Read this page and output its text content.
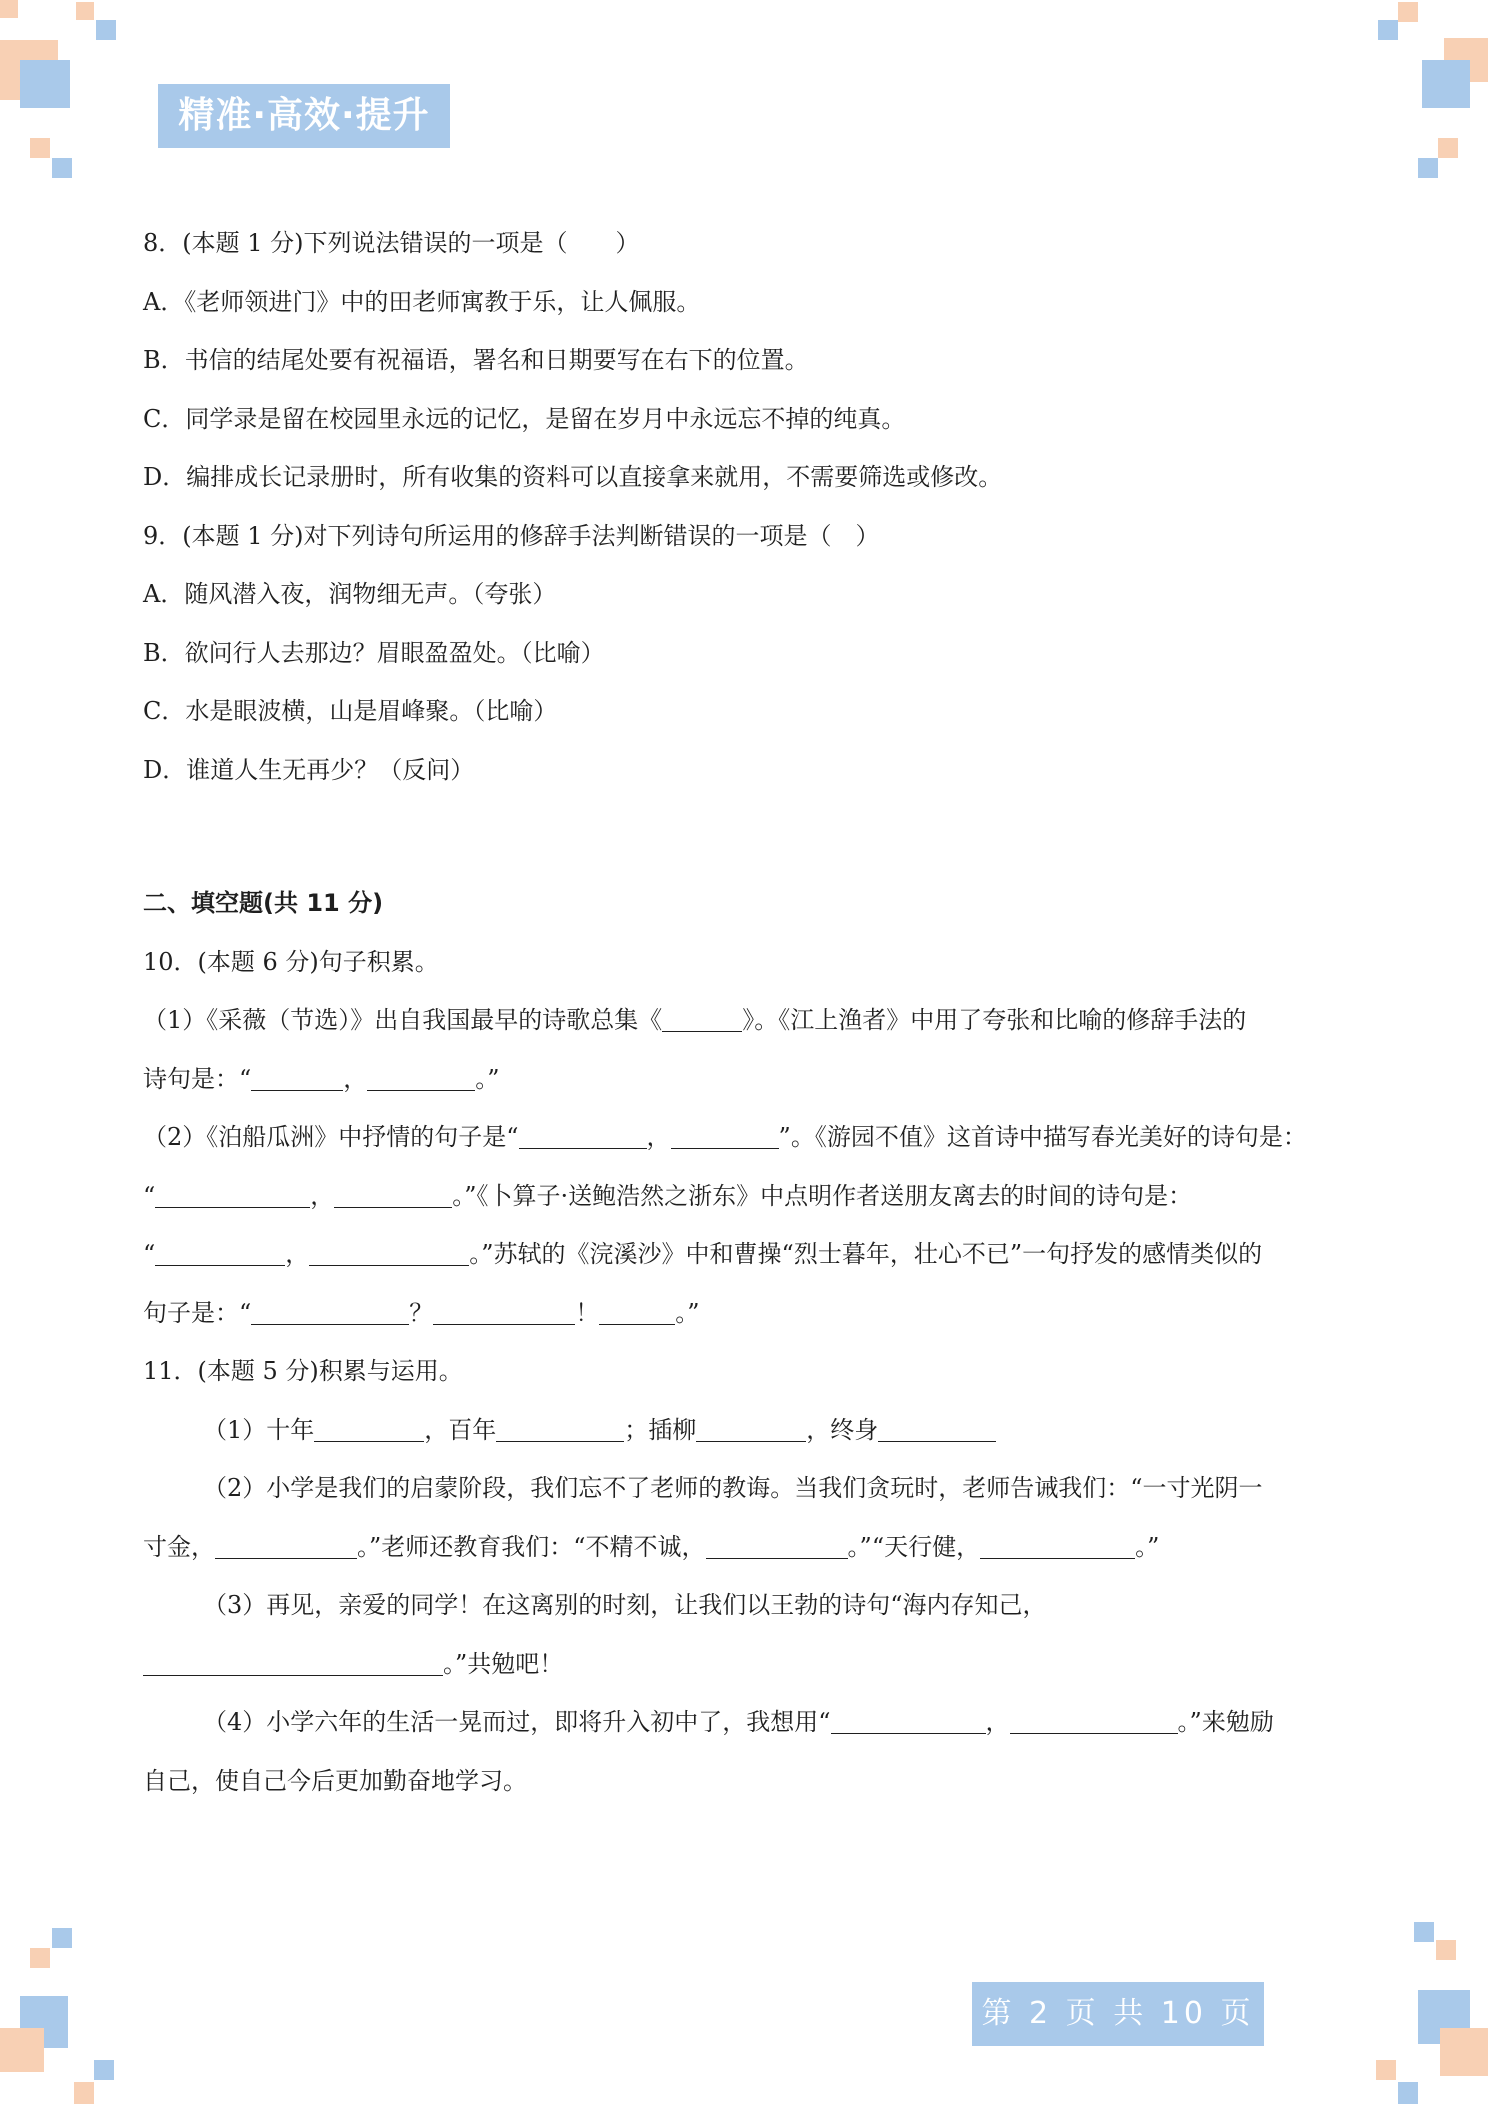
精准·高效·提升
8．(本题 1 分)下列说法错误的一项是（　　）
A．《老师领进门》中的田老师寓教于乐，让人佩服。
B．书信的结尾处要有祝福语，署名和日期要写在右下的位置。
C．同学录是留在校园里永远的记忆，是留在岁月中永远忘不掉的纯真。
D．编排成长记录册时，所有收集的资料可以直接拿来就用，不需要筛选或修改。
9．(本题 1 分)对下列诗句所运用的修辞手法判断错误的一项是（　）
A．随风潜入夜，润物细无声。（夸张）
B．欲问行人去那边？眉眼盈盈处。（比喻）
C．水是眼波横，山是眉峰聚。（比喻）
D．谁道人生无再少？（反问）
二、填空题(共 11 分)
10．(本题 6 分)句子积累。
（1）《采薇（节选）》出自我国最早的诗歌总集《	》。《江上渔者》中用了夸张和比喻的修辞手法的
诗句是：“	，	。”
（2）《泊船瓜洲》中抒情的句子是“	，	”。《游园不值》这首诗中描写春光美好的诗句是：
“	，	。”《卜算子·送鲍浩然之浙东》中点明作者送朋友离去的时间的诗句是：
“	，	。”苏轼的《浣溪沙》中和曹操“烈士暮年，壮心不已”一句抒发的感情类似的
句子是：“	？	！	。”
11．(本题 5 分)积累与运用。
（1）十年	，百年	；插柳	，终身
（2）小学是我们的启蒙阶段，我们忘不了老师的教诲。当我们贪玩时，老师告诫我们：“一寸光阴一
寸金，	。”老师还教育我们：“不精不诚，	。”“天行健，	。”
（3）再见，亲爱的同学！在这离别的时刻，让我们以王勃的诗句“海内存知己，
。”共勉吧！
（4）小学六年的生活一晃而过，即将升入初中了，我想用“	，	。”来勉励
自己，使自己今后更加勤奋地学习。
第 2 页 共 10 页
